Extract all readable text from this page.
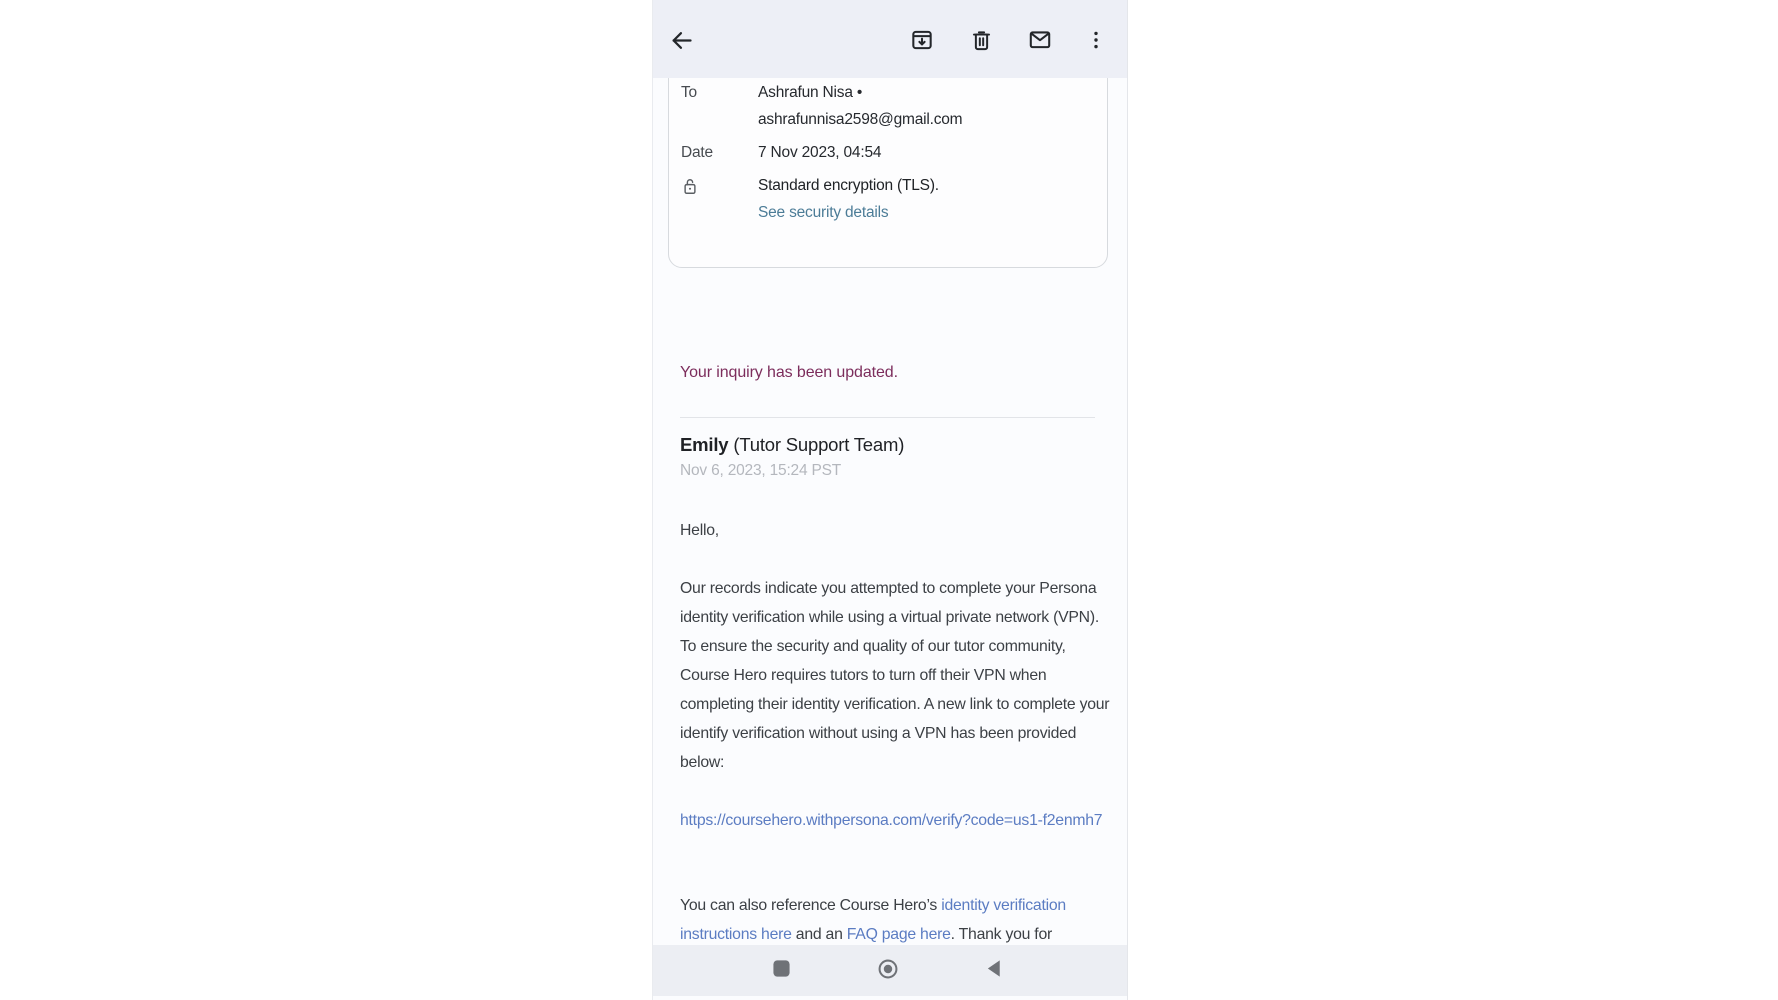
To	Ashrafun Nisa • ashrafunnisa2598@gmail.com
Date	7 Nov 2023, 04:54
Standard encryption (TLS).
See security details
Your inquiry has been updated.
Emily (Tutor Support Team)
Nov 6, 2023, 15:24 PST
Hello,
Our records indicate you attempted to complete your Persona identity verification while using a virtual private network (VPN). To ensure the security and quality of our tutor community, Course Hero requires tutors to turn off their VPN when completing their identity verification. A new link to complete your identify verification without using a VPN has been provided below:
https://coursehero.withpersona.com/verify?code=us1-f2enmh7
You can also reference Course Hero’s identity verification instructions here and an FAQ page here. Thank you for
